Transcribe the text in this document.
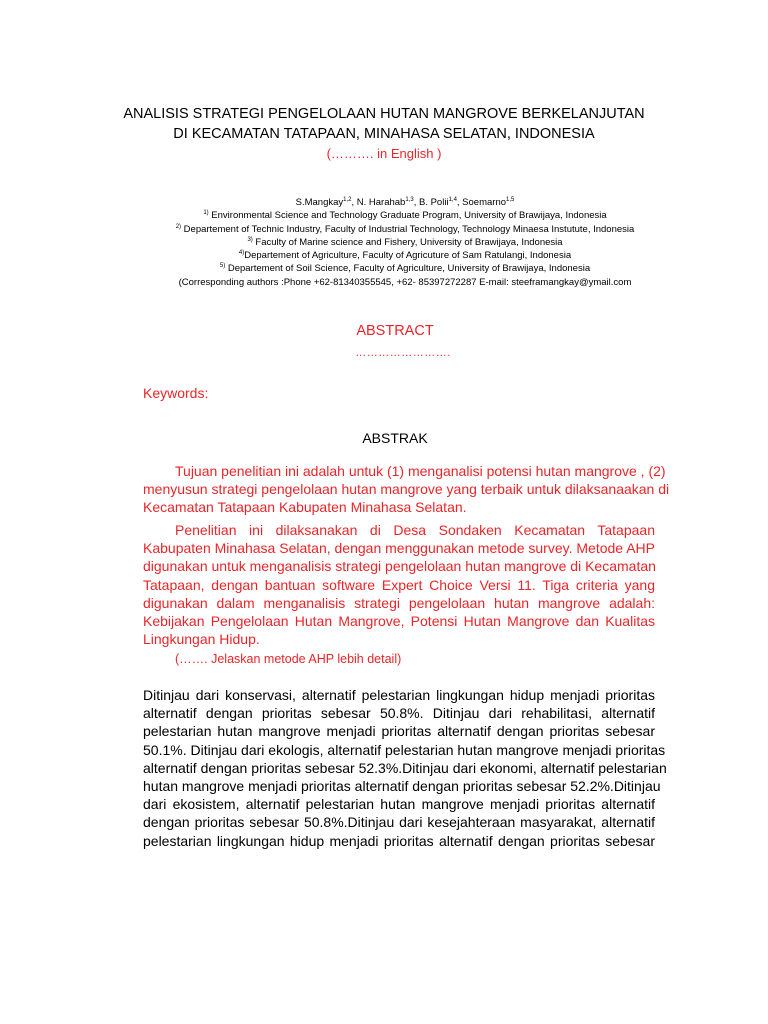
ANALISIS STRATEGI PENGELOLAAN HUTAN MANGROVE BERKELANJUTAN
DI KECAMATAN TATAPAAN, MINAHASA SELATAN, INDONESIA
(………. in English )
S.Mangkay$^{1,2}$, N. Harahab$^{1,3}$, B. Polii$^{1,4}$, Soemarno$^{1,5}$
$^{1)}$ Environmental Science and Technology Graduate Program, University of Brawijaya, Indonesia
$^{2)}$ Departement of Technic Industry, Faculty of Industrial Technology, Technology Minaesa Instutute, Indonesia
$^{3)}$ Faculty of Marine science and Fishery, University of Brawijaya, Indonesia
$^{4)}$Departement of Agriculture, Faculty of Agricuture of Sam Ratulangi, Indonesia
$^{5)}$ Departement of Soil Science, Faculty of Agriculture, University of Brawijaya, Indonesia
(Corresponding authors :Phone +62-81340355545, +62- 85397272287 E-mail: steeframangkay@ymail.com
ABSTRACT
…………………….
Keywords:
ABSTRAK
Tujuan penelitian ini adalah untuk (1) menganalisi potensi hutan mangrove , (2)
menyusun strategi pengelolaan hutan mangrove yang terbaik untuk dilaksanaakan di
Kecamatan Tatapaan Kabupaten Minahasa Selatan.
Penelitian ini dilaksanakan di Desa Sondaken Kecamatan Tatapaan
Kabupaten Minahasa Selatan, dengan menggunakan metode survey. Metode AHP
digunakan untuk menganalisis strategi pengelolaan hutan mangrove di Kecamatan
Tatapaan, dengan bantuan software Expert Choice Versi 11. Tiga criteria yang
digunakan dalam menganalisis strategi pengelolaan hutan mangrove adalah:
Kebijakan Pengelolaan Hutan Mangrove, Potensi Hutan Mangrove dan Kualitas
Lingkungan Hidup.
(……. Jelaskan metode AHP lebih detail)
Ditinjau dari konservasi, alternatif pelestarian lingkungan hidup menjadi prioritas
alternatif dengan prioritas sebesar 50.8%. Ditinjau dari rehabilitasi, alternatif
pelestarian hutan mangrove menjadi prioritas alternatif dengan prioritas sebesar
50.1%. Ditinjau dari ekologis, alternatif pelestarian hutan mangrove menjadi prioritas
alternatif dengan prioritas sebesar 52.3%.Ditinjau dari ekonomi, alternatif pelestarian
hutan mangrove menjadi prioritas alternatif dengan prioritas sebesar 52.2%.Ditinjau
dari ekosistem, alternatif pelestarian hutan mangrove menjadi prioritas alternatif
dengan prioritas sebesar 50.8%.Ditinjau dari kesejahteraan masyarakat, alternatif
pelestarian lingkungan hidup menjadi prioritas alternatif dengan prioritas sebesar
